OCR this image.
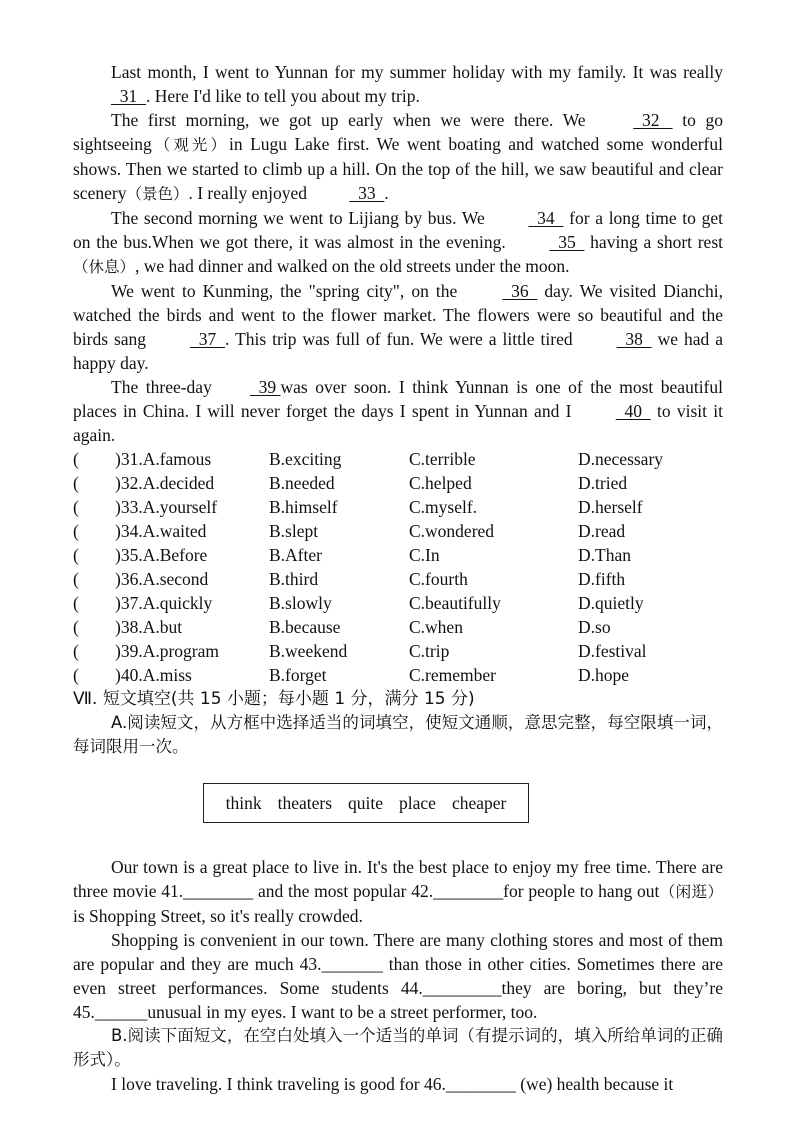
Last month, I went to Yunnan for my summer holiday with my family. It was really   31  . Here I'd like to tell you about my trip.

The first morning, we got up early when we were there. We   32    to go sightseeing（观光）in Lugu Lake first. We went boating and watched some wonderful shows. Then we started to climb up a hill. On the top of the hill, we saw beautiful and clear scenery（景色）. I really enjoyed   33  .

The second morning we went to Lijiang by bus. We   34   for a long time to get on the bus.When we got there, it was almost in the evening.   35   having a short rest （休息）, we had dinner and walked on the old streets under the moon.

We went to Kunming, the "spring city", on the   36   day. We visited Dianchi, watched the birds and went to the flower market. The flowers were so beautiful and the birds sang   37  . This trip was full of fun. We were a little tired   38   we had a happy day.

The three-day  39 was over soon. I think Yunnan is one of the most beautiful places in China. I will never forget the days I spent in Yunnan and I   40   to visit it again.

( )31.A.famous	B.exciting	C.terrible	D.necessary
( )32.A.decided	B.needed	C.helped	D.tried
( )33.A.yourself	B.himself	C.myself.	D.herself
( )34.A.waited	B.slept	C.wondered	D.read
( )35.A.Before	B.After	C.In	D.Than
( )36.A.second	B.third	C.fourth	D.fifth
( )37.A.quickly	B.slowly	C.beautifully	D.quietly
( )38.A.but	B.because	C.when	D.so
( )39.A.program	B.weekend	C.trip	D.festival
( )40.A.miss	B.forget	C.remember	D.hope

Ⅶ. 短文填空(共 15 小题；每小题 1 分，满分 15 分)

A.阅读短文，从方框中选择适当的词填空，使短文通顺，意思完整，每空限填一词，每词限用一次。

think theaters quite place cheaper

Our town is a great place to live in. It's the best place to enjoy my free time. There are three movie 41.________ and the most popular 42.________for people to hang out（闲逛）is Shopping Street, so it's really crowded.

Shopping is convenient in our town. There are many clothing stores and most of them are popular and they are much 43._______ than those in other cities. Sometimes there are even street performances. Some students 44._________they are boring, but they’re 45.______unusual in my eyes. I want to be a street performer, too.

B.阅读下面短文，在空白处填入一个适当的单词（有提示词的，填入所给单词的正确形式）。

I love traveling. I think traveling is good for 46.________ (we) health because it
